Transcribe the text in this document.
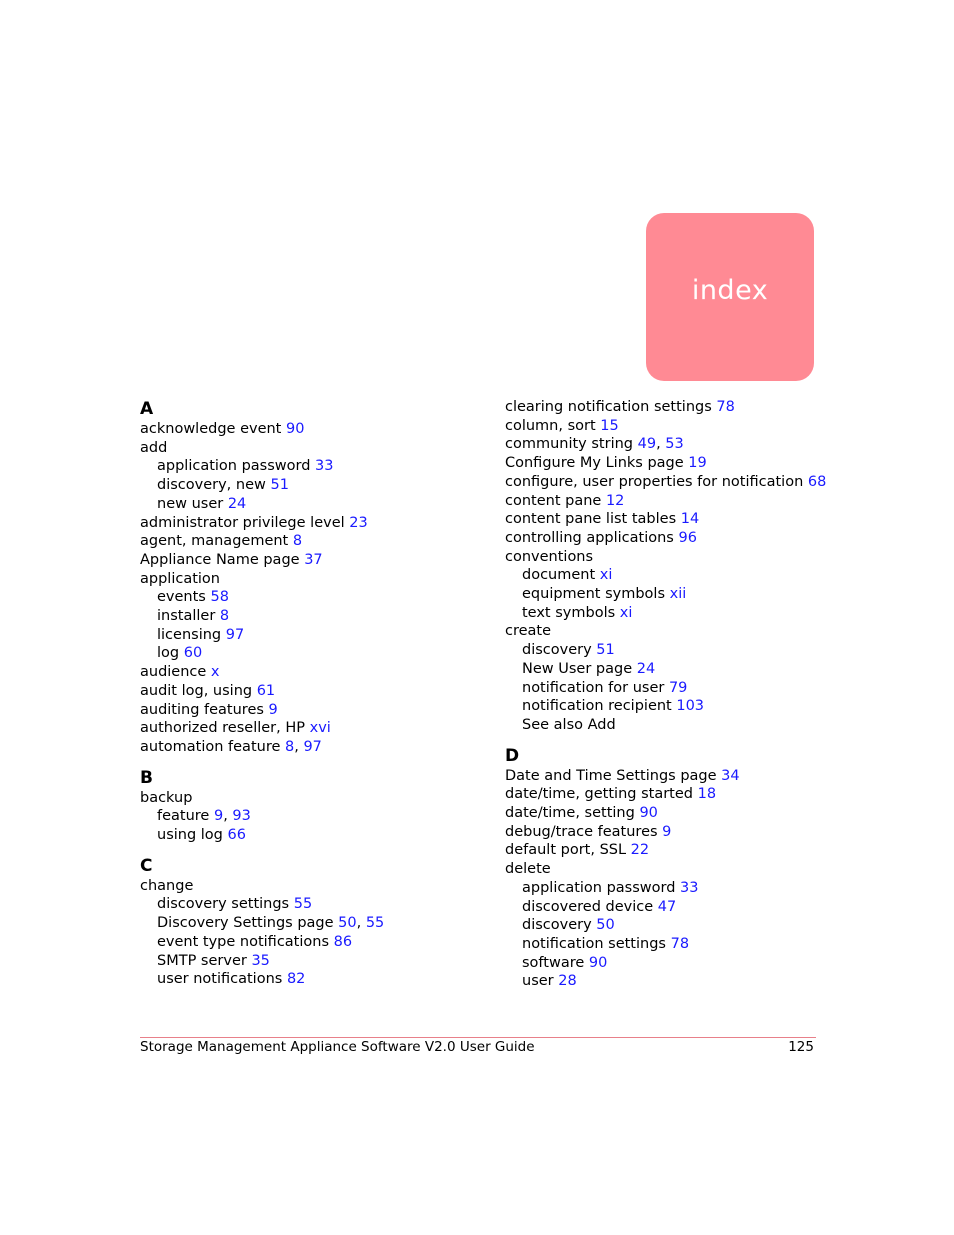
index
A
acknowledge event 90
add
application password 33
discovery, new 51
new user 24
administrator privilege level 23
agent, management 8
Appliance Name page 37
application
events 58
installer 8
licensing 97
log 60
audience x
audit log, using 61
auditing features 9
authorized reseller, HP xvi
automation feature 8, 97
B
backup
feature 9, 93
using log 66
C
change
discovery settings 55
Discovery Settings page 50, 55
event type notifications 86
SMTP server 35
user notifications 82
clearing notification settings 78
column, sort 15
community string 49, 53
Configure My Links page 19
configure, user properties for notification 68
content pane 12
content pane list tables 14
controlling applications 96
conventions
document xi
equipment symbols xii
text symbols xi
create
discovery 51
New User page 24
notification for user 79
notification recipient 103
See also Add
D
Date and Time Settings page 34
date/time, getting started 18
date/time, setting 90
debug/trace features 9
default port, SSL 22
delete
application password 33
discovered device 47
discovery 50
notification settings 78
software 90
user 28
Storage Management Appliance Software V2.0 User Guide	125
